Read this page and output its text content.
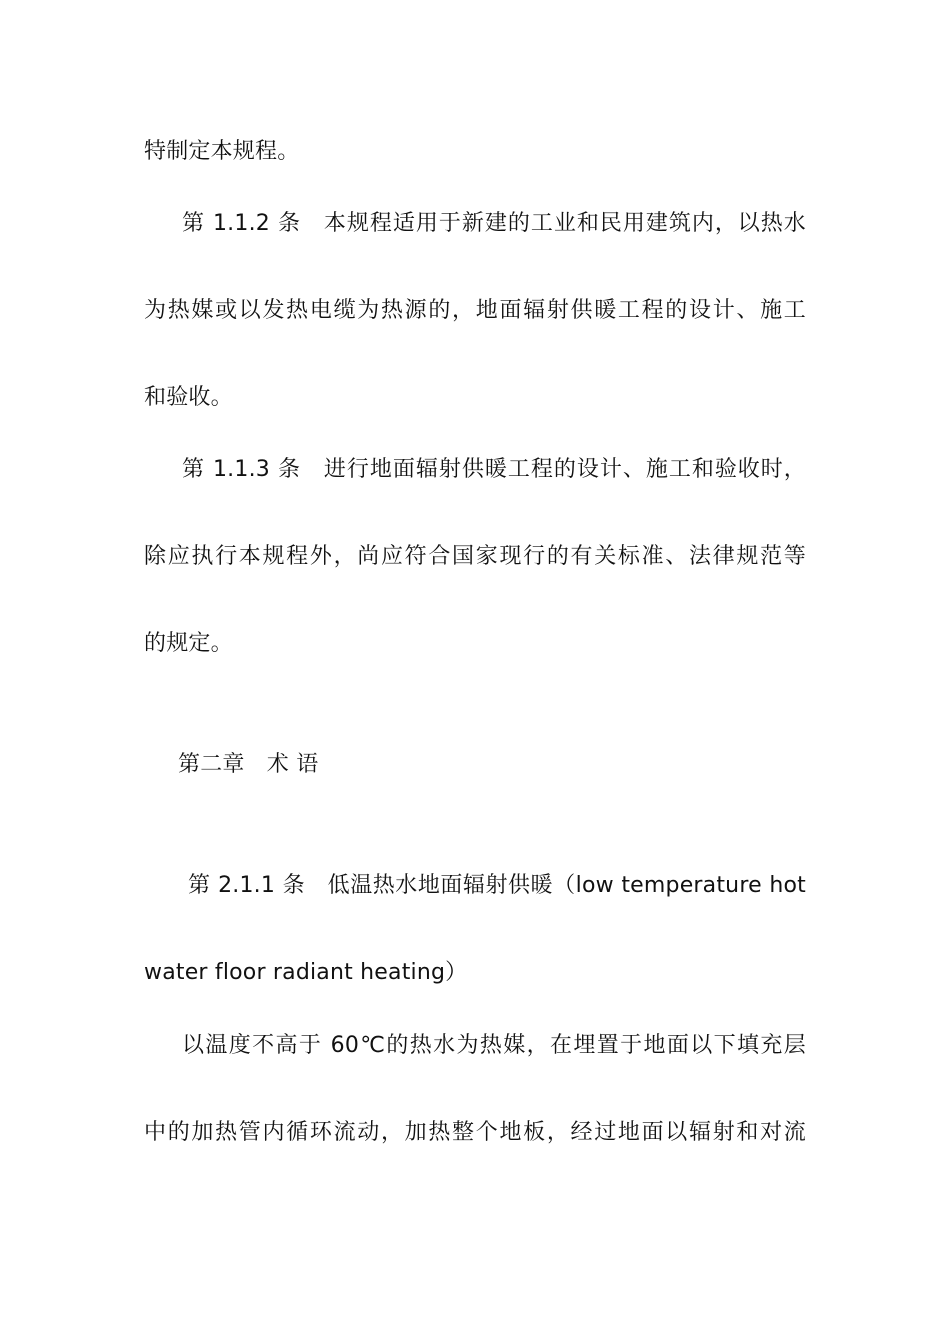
特制定本规程。
第 1.1.2 条　本规程适用于新建的工业和民用建筑内，以热水
为热媒或以发热电缆为热源的，地面辐射供暖工程的设计、施工
和验收。
第 1.1.3 条　进行地面辐射供暖工程的设计、施工和验收时，
除应执行本规程外，尚应符合国家现行的有关标准、法律规范等
的规定。
第二章　术 语
第 2.1.1 条　低温热水地面辐射供暖（low temperature hot
water floor radiant heating）
以温度不高于 60℃的热水为热媒，在埋置于地面以下填充层
中的加热管内循环流动，加热整个地板，经过地面以辐射和对流
